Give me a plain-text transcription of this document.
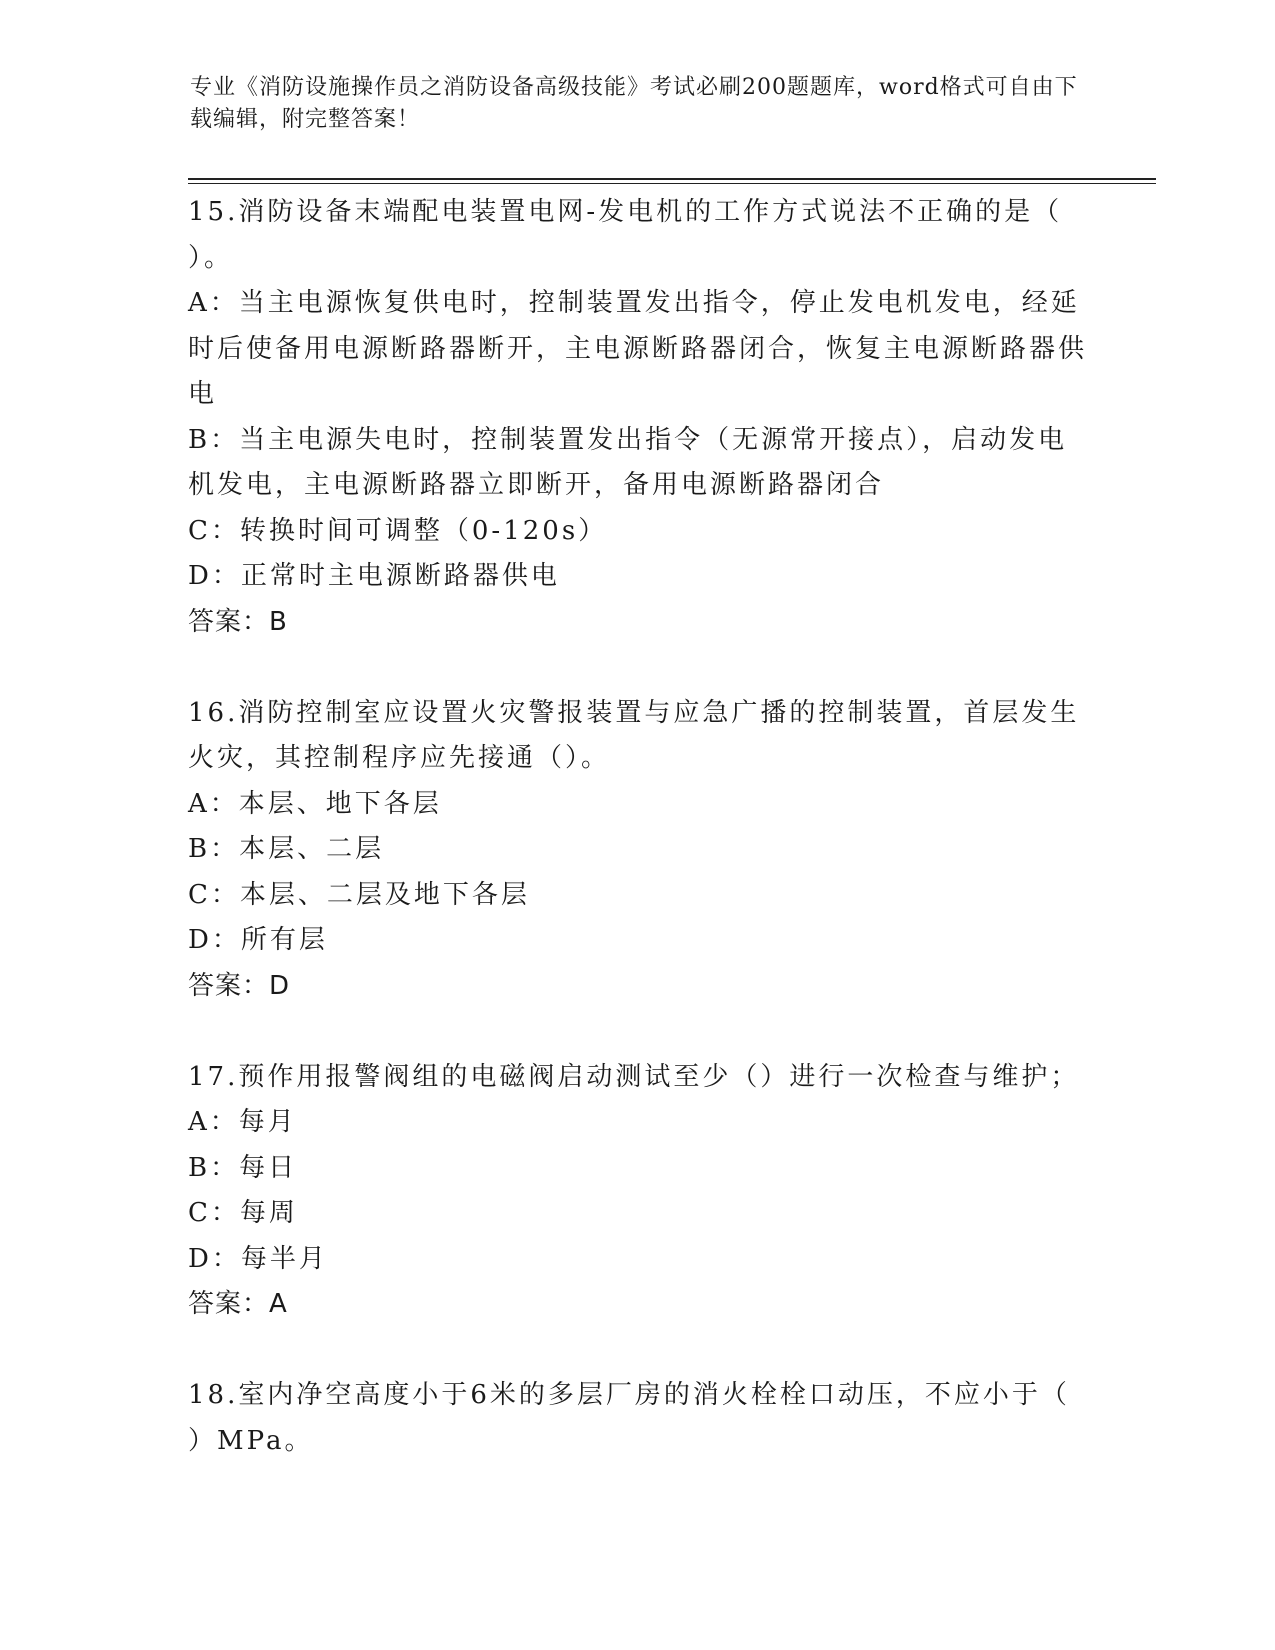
专业《消防设施操作员之消防设备高级技能》考试必刷200题题库，word格式可自由下载编辑，附完整答案！

15.消防设备末端配电装置电网-发电机的工作方式说法不正确的是（ ）。

A：当主电源恢复供电时，控制装置发出指令，停止发电机发电，经延时后使备用电源断路器断开，主电源断路器闭合，恢复主电源断路器供电

B：当主电源失电时，控制装置发出指令（无源常开接点），启动发电机发电，主电源断路器立即断开，备用电源断路器闭合

C：转换时间可调整（0-120s）

D：正常时主电源断路器供电

答案：B

16.消防控制室应设置火灾警报装置与应急广播的控制装置，首层发生火灾，其控制程序应先接通（）。

A：本层、地下各层

B：本层、二层

C：本层、二层及地下各层

D：所有层

答案：D

17.预作用报警阀组的电磁阀启动测试至少（）进行一次检查与维护；

A：每月

B：每日

C：每周

D：每半月

答案：A

18.室内净空高度小于6米的多层厂房的消火栓栓口动压，不应小于（ ）MPa。
